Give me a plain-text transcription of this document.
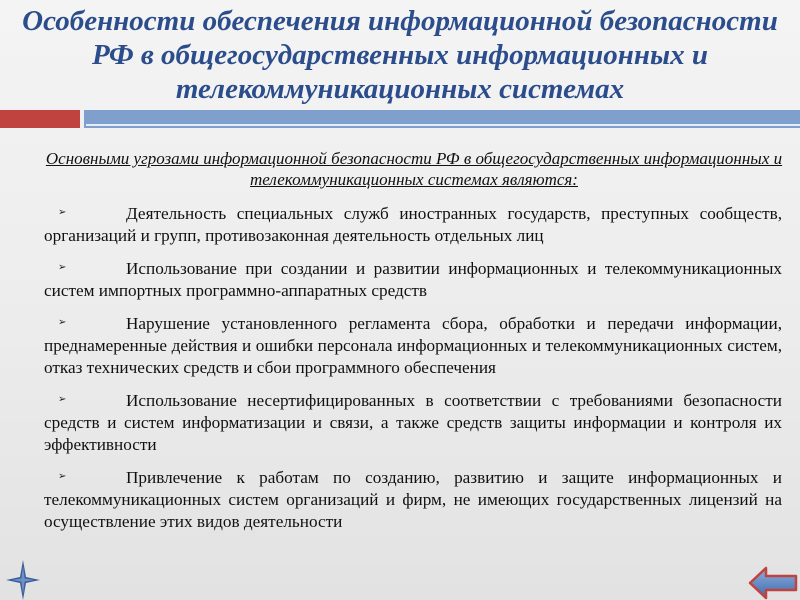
Особенности обеспечения информационной безопасности РФ в общегосударственных информационных и телекоммуникационных системах
Основными угрозами информационной безопасности РФ в общегосударственных информационных и телекоммуникационных системах являются:
➢	Деятельность специальных служб иностранных государств, преступных сообществ, организаций и групп, противозаконная деятельность отдельных лиц
➢	Использование при создании и развитии информационных и телекоммуникационных систем импортных программно-аппаратных средств
➢	Нарушение установленного регламента сбора, обработки и передачи информации, преднамеренные действия и ошибки персонала информационных и телекоммуникационных систем, отказ технических средств и сбои программного обеспечения
➢	Использование несертифицированных в соответствии с требованиями безопасности средств и систем информатизации и связи, а также средств защиты информации и контроля их эффективности
➢	Привлечение к работам по созданию, развитию и защите информационных и телекоммуникационных систем организаций и фирм, не имеющих государственных лицензий на осуществление этих видов деятельности
